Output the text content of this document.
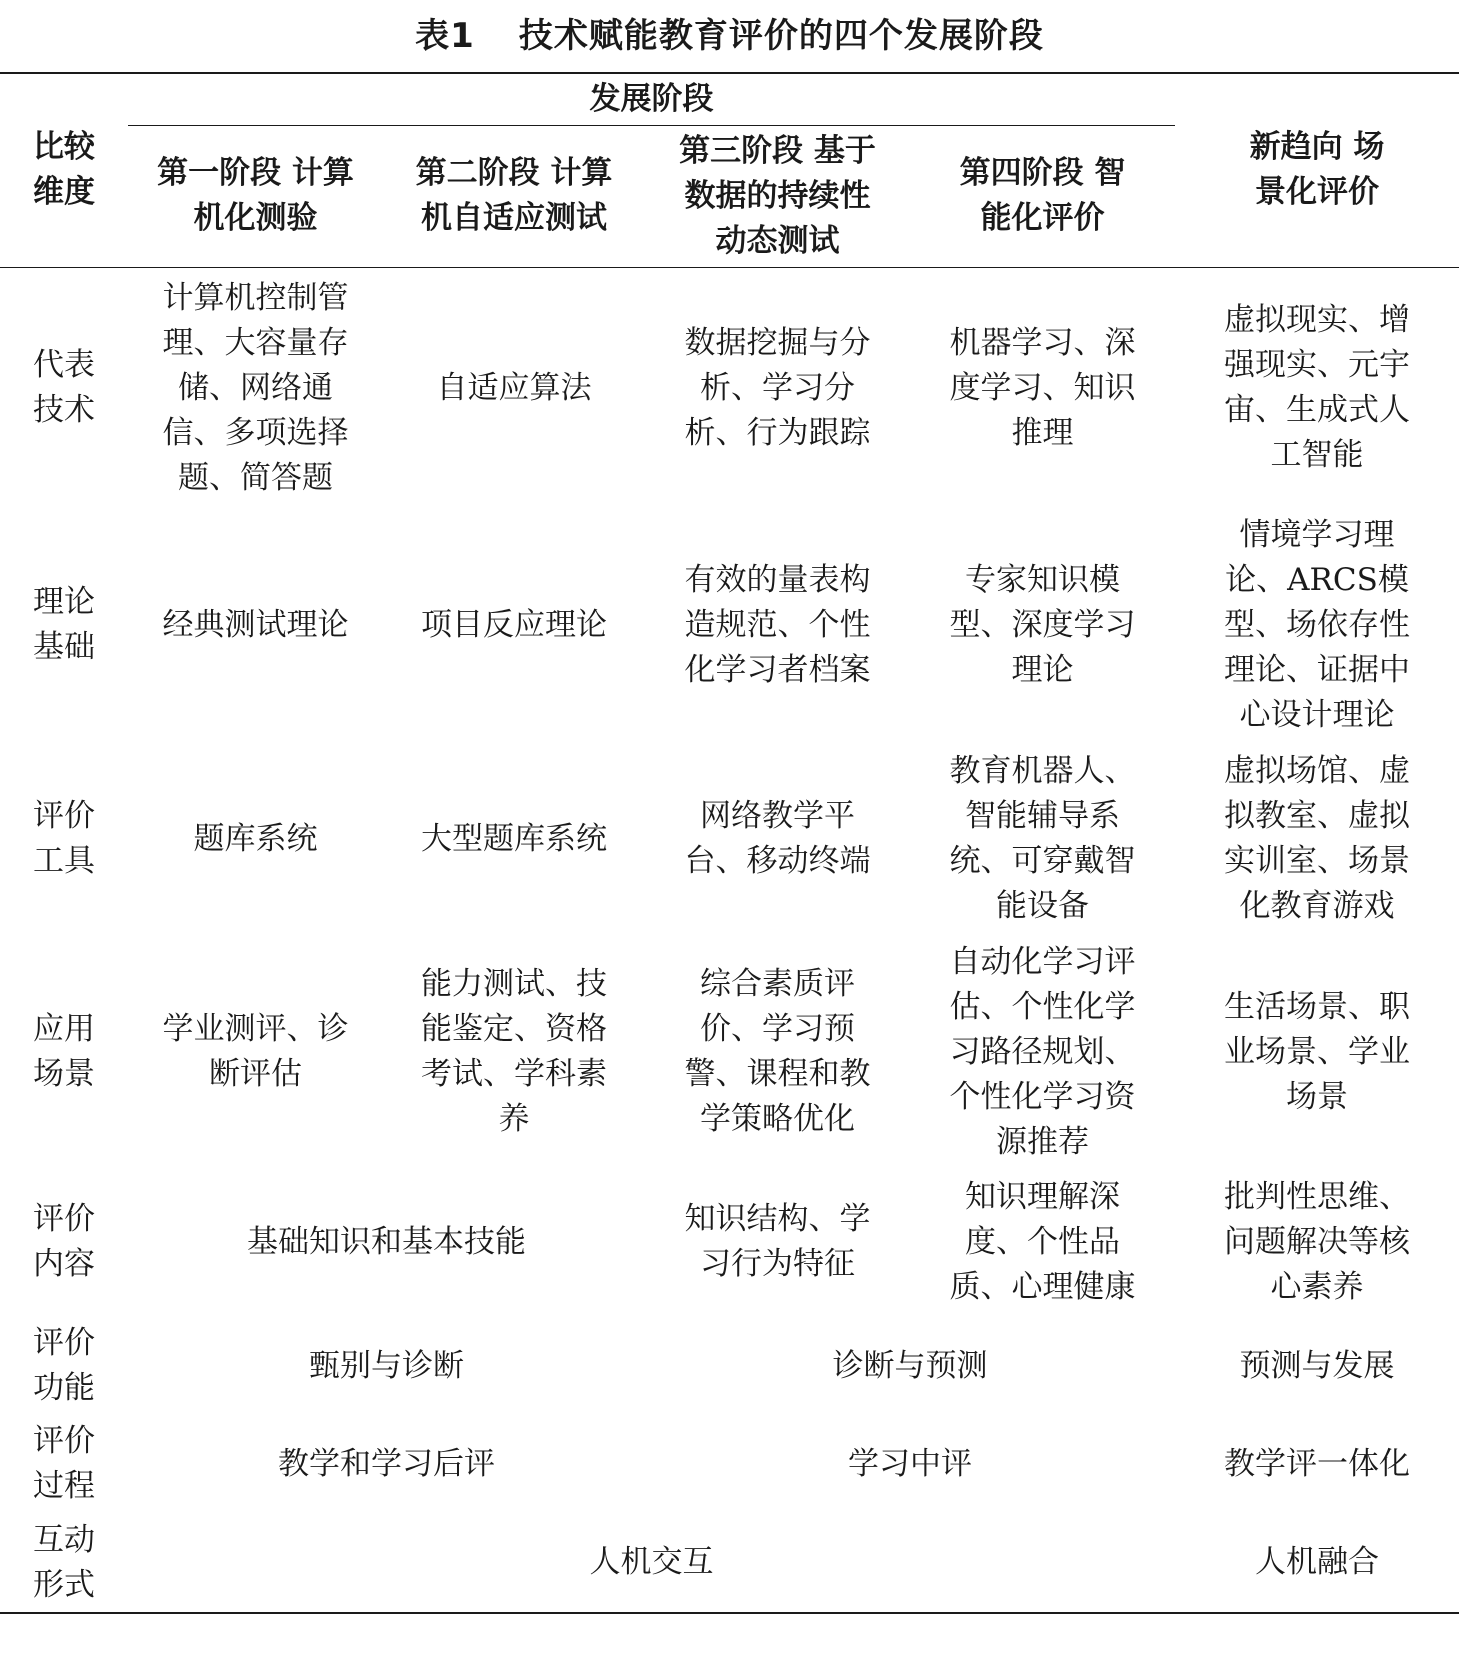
表1 技术赋能教育评价的四个发展阶段
比较维度	发展阶段				新趋向 场景化评价
	第一阶段 计算机化测验	第二阶段 计算机自适应测试	第三阶段 基于数据的持续性动态测试	第四阶段 智能化评价	
代表技术	计算机控制管理、大容量存储、网络通信、多项选择题、简答题	自适应算法	数据挖掘与分析、学习分析、行为跟踪	机器学习、深度学习、知识推理	虚拟现实、增强现实、元宇宙、生成式人工智能
理论基础	经典测试理论	项目反应理论	有效的量表构造规范、个性化学习者档案	专家知识模型、深度学习理论	情境学习理论、ARCS模型、场依存性理论、证据中心设计理论
评价工具	题库系统	大型题库系统	网络教学平台、移动终端	教育机器人、智能辅导系统、可穿戴智能设备	虚拟场馆、虚拟教室、虚拟实训室、场景化教育游戏
应用场景	学业测评、诊断评估	能力测试、技能鉴定、资格考试、学科素养	综合素质评价、学习预警、课程和教学策略优化	自动化学习评估、个性化学习路径规划、个性化学习资源推荐	生活场景、职业场景、学业场景
评价内容	基础知识和基本技能		知识结构、学习行为特征	知识理解深度、个性品质、心理健康	批判性思维、问题解决等核心素养
评价功能	甄别与诊断		诊断与预测		预测与发展
评价过程	教学和学习后评		学习中评		教学评一体化
互动形式	人机交互				人机融合
